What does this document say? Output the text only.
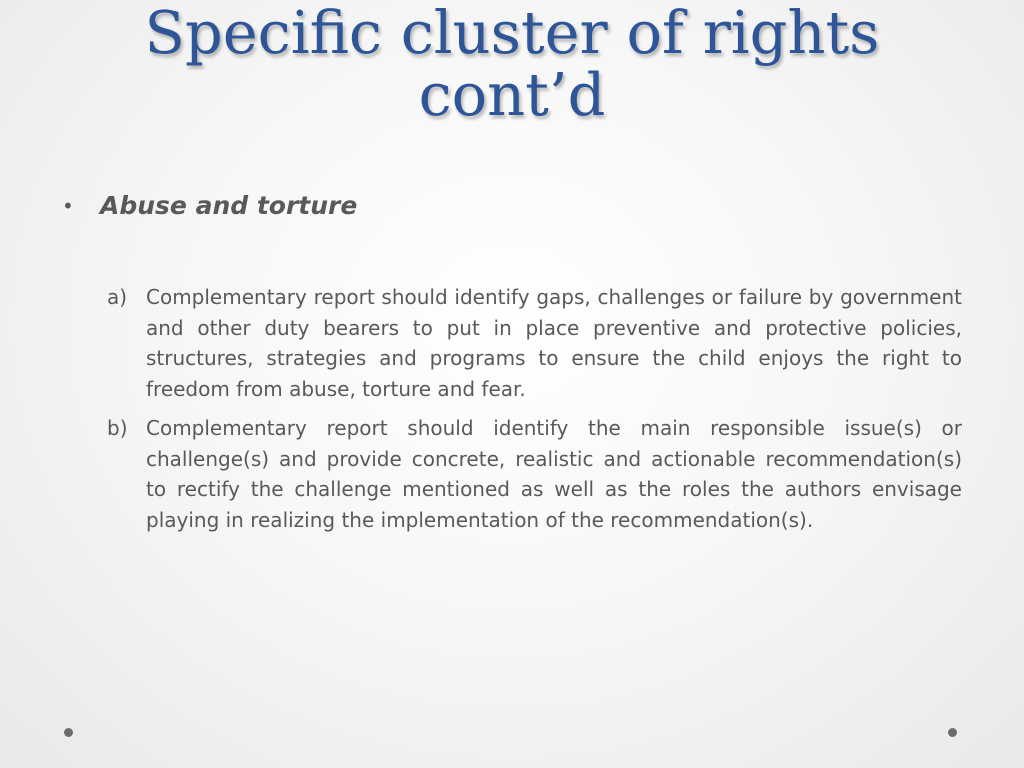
Specific cluster of rights
cont’d
• Abuse and torture
a) Complementary report should identify gaps, challenges or failure by government and other duty bearers to put in place preventive and protective policies, structures, strategies and programs to ensure the child enjoys the right to freedom from abuse, torture and fear.
b) Complementary report should identify the main responsible issue(s) or challenge(s) and provide concrete, realistic and actionable recommendation(s) to rectify the challenge mentioned as well as the roles the authors envisage playing in realizing the implementation of the recommendation(s).
